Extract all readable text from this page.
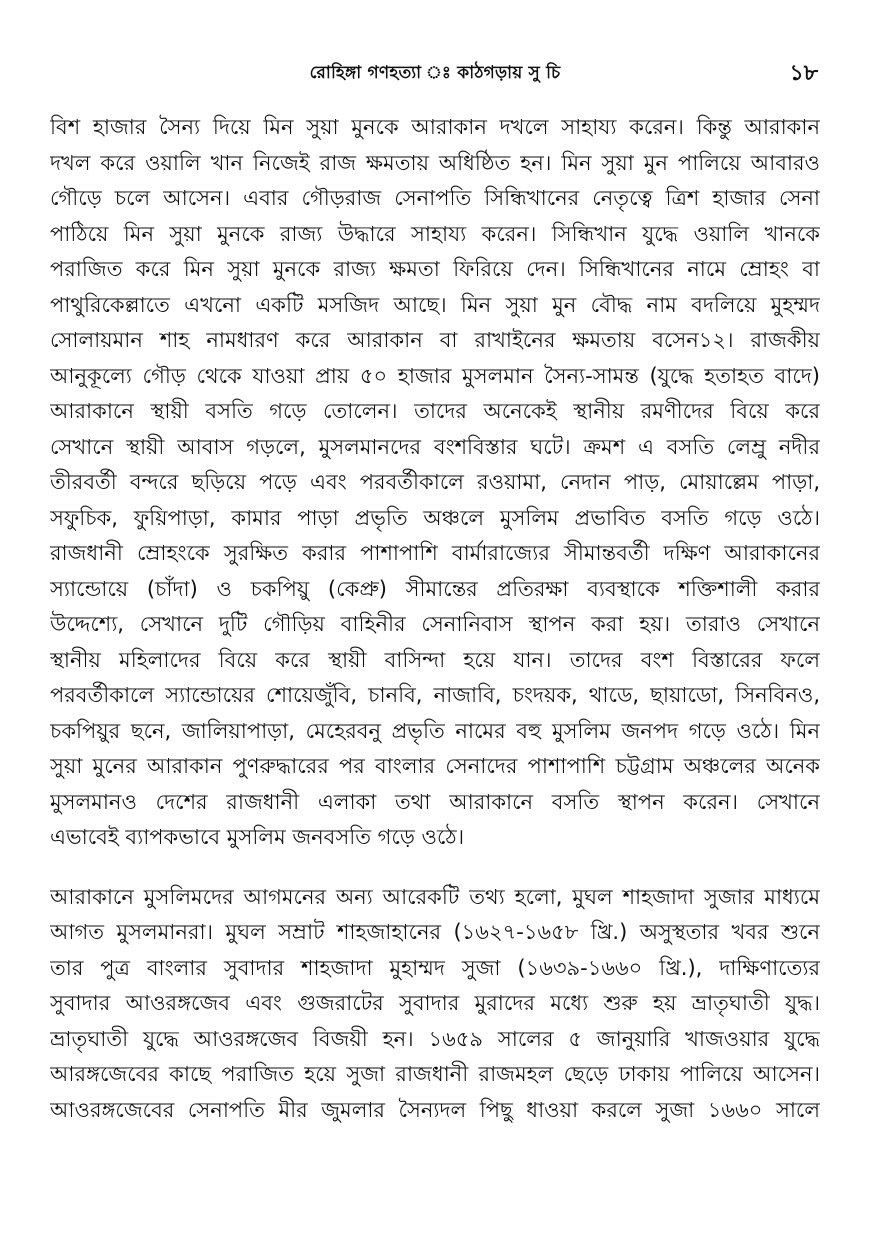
রোহিঙ্গা গণহত্যা ঃ কাঠগড়ায় সু চি	১৮
বিশ হাজার সৈন্য দিয়ে মিন সুয়া মুনকে আরাকান দখলে সাহায্য করেন। কিন্তু আরাকান
দখল করে ওয়ালি খান নিজেই রাজ ক্ষমতায় অধিষ্ঠিত হন। মিন সুয়া মুন পালিয়ে আবারও
গৌড়ে চলে আসেন। এবার গৌড়রাজ সেনাপতি সিন্ধিখানের নেতৃত্বে ত্রিশ হাজার সেনা
পাঠিয়ে মিন সুয়া মুনকে রাজ্য উদ্ধারে সাহায্য করেন। সিন্ধিখান যুদ্ধে ওয়ালি খানকে
পরাজিত করে মিন সুয়া মুনকে রাজ্য ক্ষমতা ফিরিয়ে দেন। সিন্ধিখানের নামে ম্রোহং বা
পাথুরিকেল্লাতে এখনো একটি মসজিদ আছে। মিন সুয়া মুন বৌদ্ধ নাম বদলিয়ে মুহম্মদ
সোলায়মান শাহ নামধারণ করে আরাকান বা রাখাইনের ক্ষমতায় বসেন১২। রাজকীয়
আনুকূল্যে গৌড় থেকে যাওয়া প্রায় ৫০ হাজার মুসলমান সৈন্য-সামন্ত (যুদ্ধে হতাহত বাদে)
আরাকানে স্থায়ী বসতি গড়ে তোলেন। তাদের অনেকেই স্থানীয় রমণীদের বিয়ে করে
সেখানে স্থায়ী আবাস গড়লে, মুসলমানদের বংশবিস্তার ঘটে। ক্রমশ এ বসতি লেম্রু নদীর
তীরবর্তী বন্দরে ছড়িয়ে পড়ে এবং পরবর্তীকালে রওয়ামা, নেদান পাড়, মোয়াল্লেম পাড়া,
সফুচিক, ফুয়িপাড়া, কামার পাড়া প্রভৃতি অঞ্চলে মুসলিম প্রভাবিত বসতি গড়ে ওঠে।
রাজধানী ম্রোহংকে সুরক্ষিত করার পাশাপাশি বার্মারাজ্যের সীমান্তবর্তী দক্ষিণ আরাকানের
স্যান্ডোয়ে (চাঁদা) ও চকপিয়ু (কেপ্রু) সীমান্তের প্রতিরক্ষা ব্যবস্থাকে শক্তিশালী করার
উদ্দেশ্যে, সেখানে দুটি গৌড়িয় বাহিনীর সেনানিবাস স্থাপন করা হয়। তারাও সেখানে
স্থানীয় মহিলাদের বিয়ে করে স্থায়ী বাসিন্দা হয়ে যান। তাদের বংশ বিস্তারের ফলে
পরবর্তীকালে স্যান্ডোয়ের শোয়েজুঁবি, চানবি, নাজাবি, চংদয়ক, থাডে, ছায়াডো, সিনবিনও,
চকপিয়ুর ছনে, জালিয়াপাড়া, মেহেরবনু প্রভৃতি নামের বহু মুসলিম জনপদ গড়ে ওঠে। মিন
সুয়া মুনের আরাকান পুণরুদ্ধারের পর বাংলার সেনাদের পাশাপাশি চট্টগ্রাম অঞ্চলের অনেক
মুসলমানও দেশের রাজধানী এলাকা তথা আরাকানে বসতি স্থাপন করেন। সেখানে
এভাবেই ব্যাপকভাবে মুসলিম জনবসতি গড়ে ওঠে।
আরাকানে মুসলিমদের আগমনের অন্য আরেকটি তথ্য হলো, মুঘল শাহজাদা সুজার মাধ্যমে
আগত মুসলমানরা। মুঘল সম্রাট শাহজাহানের (১৬২৭-১৬৫৮ খ্রি.) অসুস্থতার খবর শুনে
তার পুত্র বাংলার সুবাদার শাহজাদা মুহাম্মদ সুজা (১৬৩৯-১৬৬০ খ্রি.), দাক্ষিণাত্যের
সুবাদার আওরঙ্গজেব এবং গুজরাটের সুবাদার মুরাদের মধ্যে শুরু হয় ভ্রাতৃঘাতী যুদ্ধ।
ভ্রাতৃঘাতী যুদ্ধে আওরঙ্গজেব বিজয়ী হন। ১৬৫৯ সালের ৫ জানুয়ারি খাজওয়ার যুদ্ধে
আরঙ্গজেবের কাছে পরাজিত হয়ে সুজা রাজধানী রাজমহল ছেড়ে ঢাকায় পালিয়ে আসেন।
আওরঙ্গজেবের সেনাপতি মীর জুমলার সৈন্যদল পিছু ধাওয়া করলে সুজা ১৬৬০ সালে
